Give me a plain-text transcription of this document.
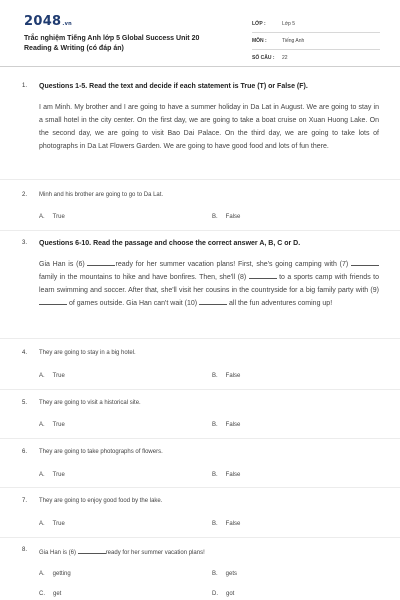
2048.vn
Trắc nghiệm Tiếng Anh lớp 5 Global Success Unit 20
Reading & Writing (có đáp án)
LỚP :	Lớp 5
MÔN :	Tiếng Anh
SỐ CÂU :	22
1. Questions 1-5. Read the text and decide if each statement is True (T) or False (F).
I am Minh. My brother and I are going to have a summer holiday in Da Lat in August. We are going to stay in a small hotel in the city center. On the first day, we are going to take a boat cruise on Xuan Huong Lake. On the second day, we are going to visit Bao Dai Palace. On the third day, we are going to take lots of photographs in Da Lat Flowers Garden. We are going to have good food and lots of fun there.
2. Minh and his brother are going to go to Da Lat.
A. True	B. False
3. Questions 6-10. Read the passage and choose the correct answer A, B, C or D.
Gia Han is (6)	ready for her summer vacation plans! First, she's going camping with (7)  family in the mountains to hike and have bonfires. Then, she'll (8)	to a sports camp with friends to learn swimming and soccer. After that, she'll visit her cousins in the countryside for a big family party with (9)  of games outside. Gia Han can't wait (10)	all the fun adventures coming up!
4. They are going to stay in a big hotel.
A. True	B. False
5. They are going to visit a historical site.
A. True	B. False
6. They are going to take photographs of flowers.
A. True	B. False
7. They are going to enjoy good food by the lake.
A. True	B. False
8. Gia Han is (6)	ready for her summer vacation plans!
A. getting	B. gets
C. get	D. got
